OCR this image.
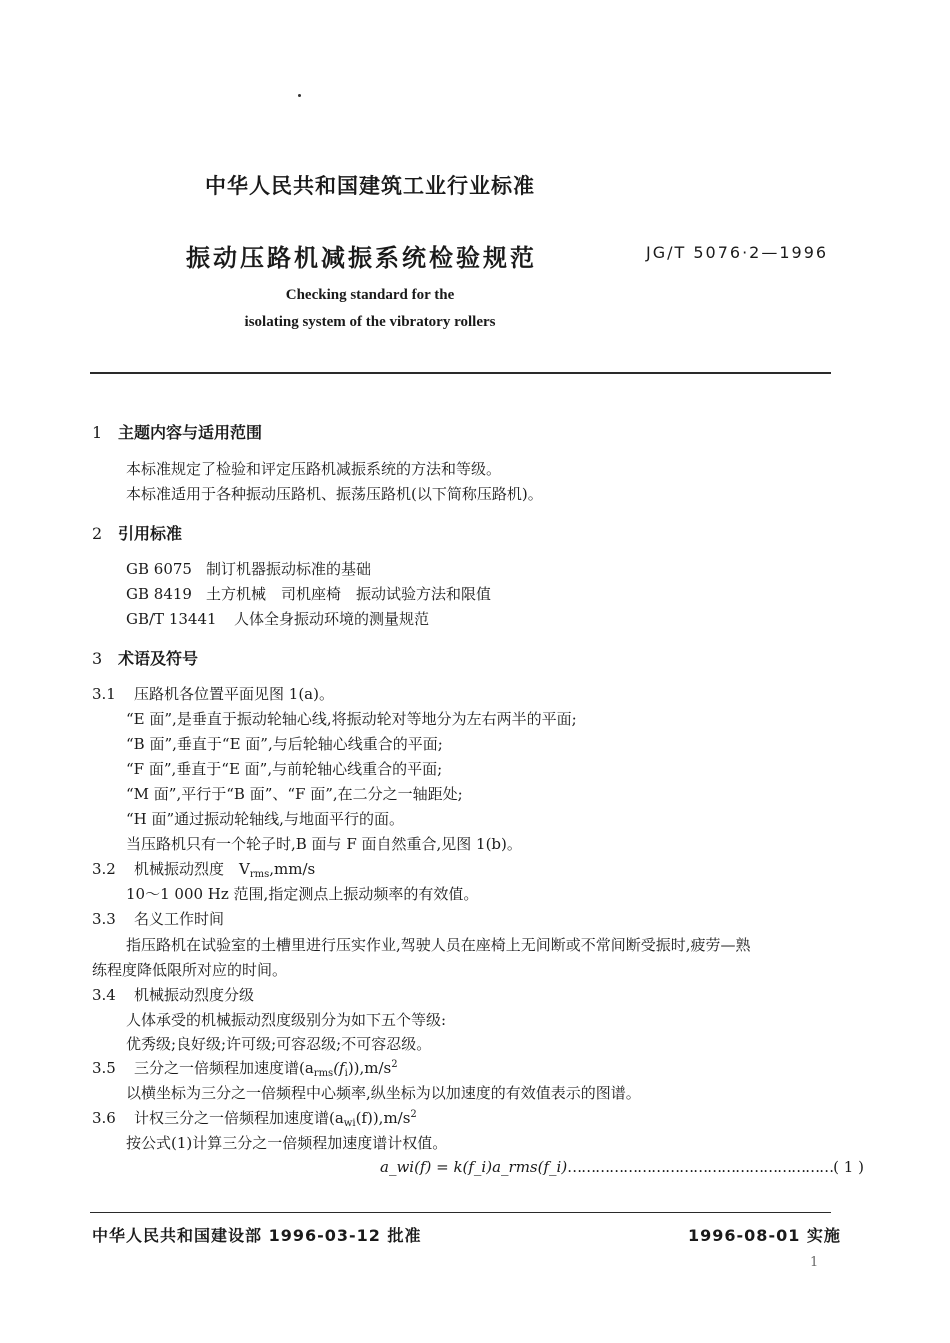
中华人民共和国建筑工业行业标准
振动压路机减振系统检验规范	JG/T 5076·2—1996
Checking standard for the
isolating system of the vibratory rollers
1 主题内容与适用范围
本标准规定了检验和评定压路机减振系统的方法和等级。
本标准适用于各种振动压路机、振荡压路机(以下简称压路机)。
2 引用标准
GB 6075 制订机器振动标准的基础
GB 8419 土方机械　司机座椅　振动试验方法和限值
GB/T 13441 人体全身振动环境的测量规范
3 术语及符号
3.1 压路机各位置平面见图 1(a)。
“E 面”,是垂直于振动轮轴心线,将振动轮对等地分为左右两半的平面;
“B 面”,垂直于“E 面”,与后轮轴心线重合的平面;
“F 面”,垂直于“E 面”,与前轮轴心线重合的平面;
“M 面”,平行于“B 面”、“F 面”,在二分之一轴距处;
“H 面”通过振动轮轴线,与地面平行的面。
当压路机只有一个轮子时,B 面与 F 面自然重合,见图 1(b)。
3.2 机械振动烈度　$V_{rms},mm/s$
10～1 000 Hz 范围,指定测点上振动频率的有效值。
3.3 名义工作时间
指压路机在试验室的土槽里进行压实作业,驾驶人员在座椅上无间断或不常间断受振时,疲劳—熟
练程度降低限所对应的时间。
3.4 机械振动烈度分级
人体承受的机械振动烈度级别分为如下五个等级:
优秀级;良好级;许可级;可容忍级;不可容忍级。
3.5 三分之一倍频程加速度谱$(a_{rms}(f_i)),m/s^2$
以横坐标为三分之一倍频程中心频率,纵坐标为以加速度的有效值表示的图谱。
3.6 计权三分之一倍频程加速度谱$(a_{wi}(f)),m/s^2$
按公式(1)计算三分之一倍频程加速度谱计权值。
a_wi(f) = k(f_i)a_rms(f_i)…………………………………………………( 1 )
中华人民共和国建设部 1996-03-12 批准	1996-08-01 实施
1
